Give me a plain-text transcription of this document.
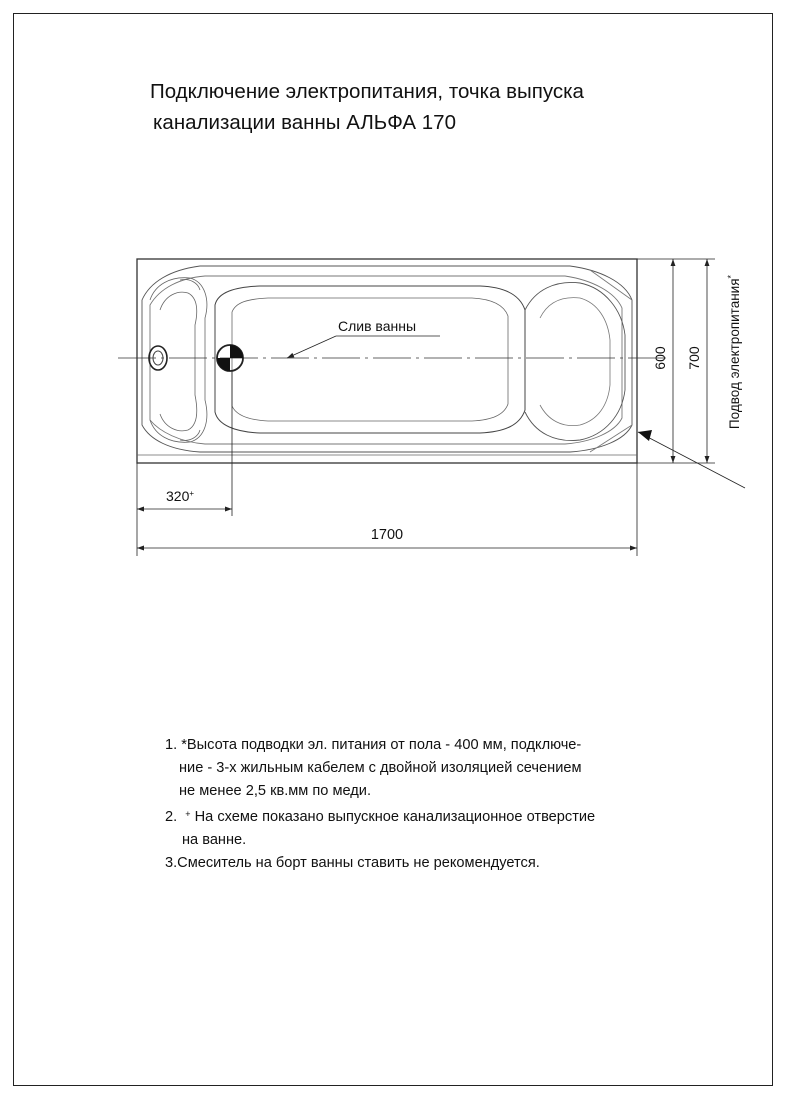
Подключение электропитания, точка выпуска
канализации ванны АЛЬФА 170
Слив ванны
600 700 Подвод электропитания*
320+
1700
1. *Высота подводки эл. питания от пола - 400 мм, подключе-
ние - 3-х жильным кабелем с двойной изоляцией сечением
не менее 2,5 кв.мм по меди.
2. + На схеме показано выпускное канализационное отверстие
на ванне.
3.Смеситель на борт ванны ставить не рекомендуется.
